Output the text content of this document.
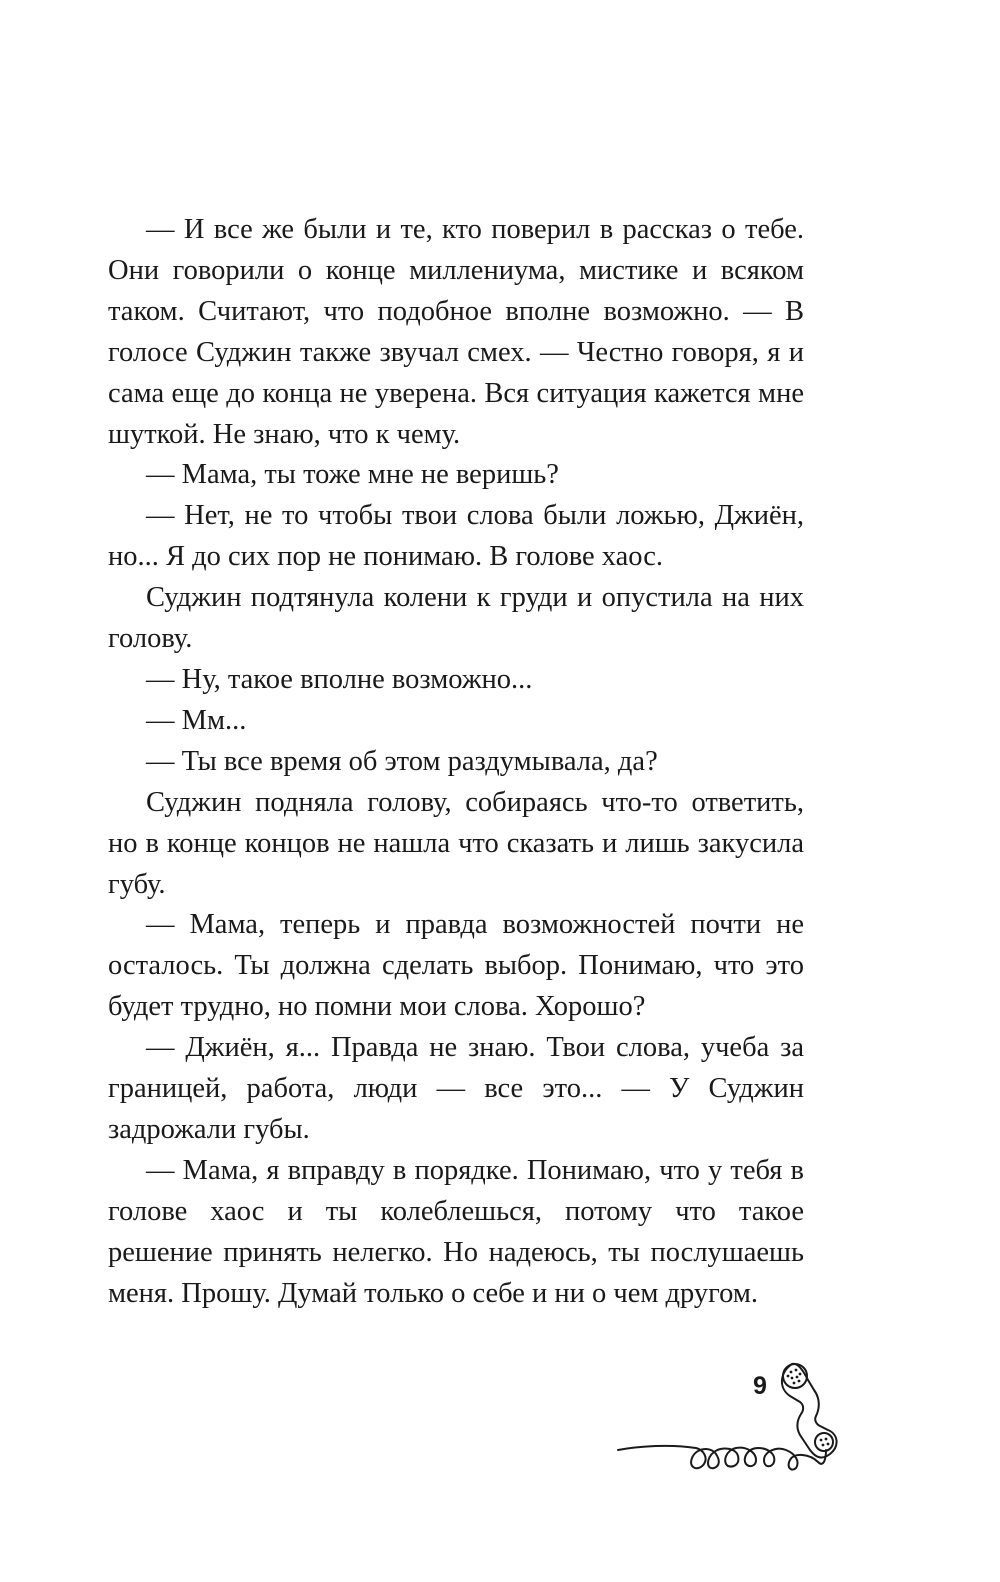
— И все же были и те, кто поверил в рассказ о тебе. Они говорили о конце миллениума, мистике и всяком таком. Считают, что подобное вполне возможно. — В голосе Суджин также звучал смех. — Честно говоря, я и сама еще до конца не уверена. Вся ситуация кажется мне шуткой. Не знаю, что к чему.

— Мама, ты тоже мне не веришь?

— Нет, не то чтобы твои слова были ложью, Джиён, но... Я до сих пор не понимаю. В голове хаос.

Суджин подтянула колени к груди и опустила на них голову.

— Ну, такое вполне возможно...

— Мм...

— Ты все время об этом раздумывала, да?

Суджин подняла голову, собираясь что-то ответить, но в конце концов не нашла что сказать и лишь закусила губу.

— Мама, теперь и правда возможностей почти не осталось. Ты должна сделать выбор. Понимаю, что это будет трудно, но помни мои слова. Хорошо?

— Джиён, я... Правда не знаю. Твои слова, учеба за границей, работа, люди — все это... — У Суджин задрожали губы.

— Мама, я вправду в порядке. Понимаю, что у тебя в голове хаос и ты колеблешься, потому что такое решение принять нелегко. Но надеюсь, ты послушаешь меня. Прошу. Думай только о себе и ни о чем другом.

9
